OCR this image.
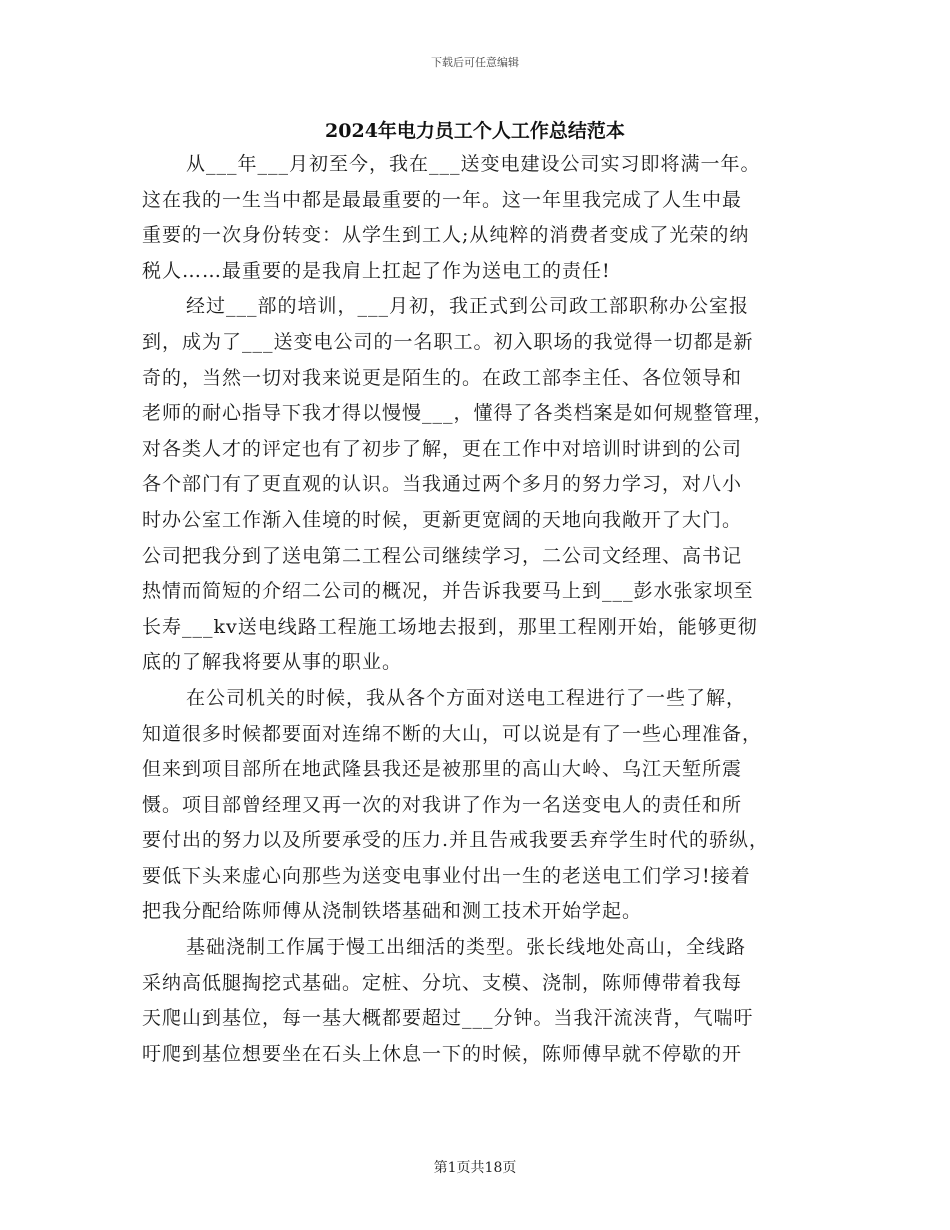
下载后可任意编辑
2024年电力员工个人工作总结范本
从___年___月初至今，我在___送变电建设公司实习即将满一年。
这在我的一生当中都是最最重要的一年。这一年里我完成了人生中最
重要的一次身份转变：从学生到工人;从纯粹的消费者变成了光荣的纳
税人……最重要的是我肩上扛起了作为送电工的责任!
经过___部的培训，___月初，我正式到公司政工部职称办公室报
到，成为了___送变电公司的一名职工。初入职场的我觉得一切都是新
奇的，当然一切对我来说更是陌生的。在政工部李主任、各位领导和
老师的耐心指导下我才得以慢慢___，懂得了各类档案是如何规整管理，
对各类人才的评定也有了初步了解，更在工作中对培训时讲到的公司
各个部门有了更直观的认识。当我通过两个多月的努力学习，对八小
时办公室工作渐入佳境的时候，更新更宽阔的天地向我敞开了大门。
公司把我分到了送电第二工程公司继续学习，二公司文经理、高书记
热情而简短的介绍二公司的概况，并告诉我要马上到___彭水张家坝至
长寿___kv送电线路工程施工场地去报到，那里工程刚开始，能够更彻
底的了解我将要从事的职业。
在公司机关的时候，我从各个方面对送电工程进行了一些了解，
知道很多时候都要面对连绵不断的大山，可以说是有了一些心理准备，
但来到项目部所在地武隆县我还是被那里的高山大岭、乌江天堑所震
慑。项目部曾经理又再一次的对我讲了作为一名送变电人的责任和所
要付出的努力以及所要承受的压力.并且告戒我要丢弃学生时代的骄纵，
要低下头来虚心向那些为送变电事业付出一生的老送电工们学习!接着
把我分配给陈师傅从浇制铁塔基础和测工技术开始学起。
基础浇制工作属于慢工出细活的类型。张长线地处高山，全线路
采纳高低腿掏挖式基础。定桩、分坑、支模、浇制，陈师傅带着我每
天爬山到基位，每一基大概都要超过___分钟。当我汗流浃背，气喘吁
吁爬到基位想要坐在石头上休息一下的时候，陈师傅早就不停歇的开
第1页共18页
